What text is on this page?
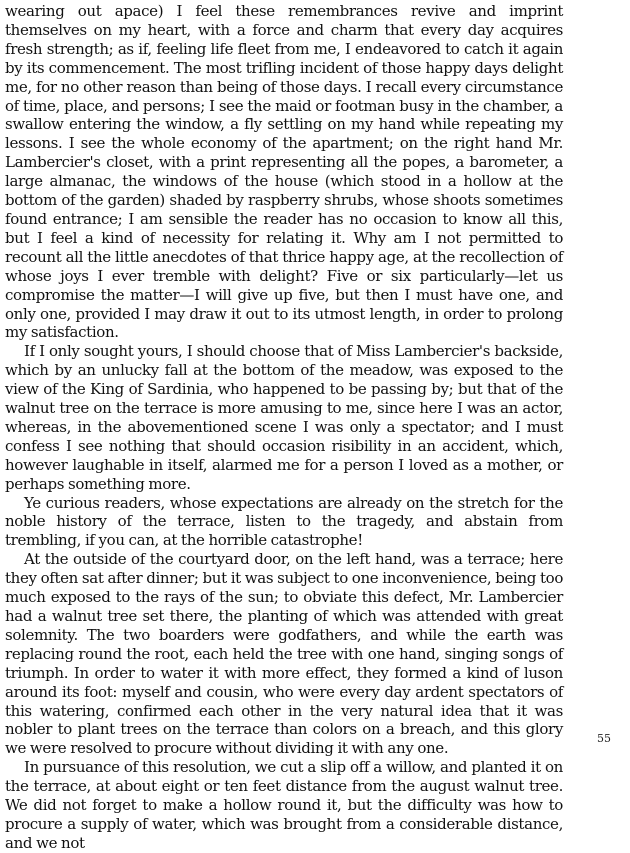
wearing out apace) I feel these remembrances revive and imprint themselves on my heart, with a force and charm that every day acquires fresh strength; as if, feeling life fleet from me, I endeavored to catch it again by its commencement. The most trifling incident of those happy days delight me, for no other reason than being of those days. I recall every circumstance of time, place, and persons; I see the maid or footman busy in the chamber, a swallow entering the window, a fly settling on my hand while repeating my lessons. I see the whole economy of the apartment; on the right hand Mr. Lambercier's closet, with a print representing all the popes, a barometer, a large almanac, the windows of the house (which stood in a hollow at the bottom of the garden) shaded by raspberry shrubs, whose shoots sometimes found entrance; I am sensible the reader has no occasion to know all this, but I feel a kind of necessity for relating it. Why am I not permitted to recount all the little anecdotes of that thrice happy age, at the recollection of whose joys I ever tremble with delight? Five or six particularly—let us compromise the matter—I will give up five, but then I must have one, and only one, provided I may draw it out to its utmost length, in order to prolong my satisfaction.

If I only sought yours, I should choose that of Miss Lambercier's backside, which by an unlucky fall at the bottom of the meadow, was exposed to the view of the King of Sardinia, who happened to be passing by; but that of the walnut tree on the terrace is more amusing to me, since here I was an actor, whereas, in the abovementioned scene I was only a spectator; and I must confess I see nothing that should occasion risibility in an accident, which, however laughable in itself, alarmed me for a person I loved as a mother, or perhaps something more.

Ye curious readers, whose expectations are already on the stretch for the noble history of the terrace, listen to the tragedy, and abstain from trembling, if you can, at the horrible catastrophe!

At the outside of the courtyard door, on the left hand, was a terrace; here they often sat after dinner; but it was subject to one inconvenience, being too much exposed to the rays of the sun; to obviate this defect, Mr. Lambercier had a walnut tree set there, the planting of which was attended with great solemnity. The two boarders were godfathers, and while the earth was replacing round the root, each held the tree with one hand, singing songs of triumph. In order to water it with more effect, they formed a kind of luson around its foot: myself and cousin, who were every day ardent spectators of this watering, confirmed each other in the very natural idea that it was nobler to plant trees on the terrace than colors on a breach, and this glory we were resolved to procure without dividing it with any one.

In pursuance of this resolution, we cut a slip off a willow, and planted it on the terrace, at about eight or ten feet distance from the august walnut tree. We did not forget to make a hollow round it, but the difficulty was how to procure a supply of water, which was brought from a considerable distance, and we not

55
